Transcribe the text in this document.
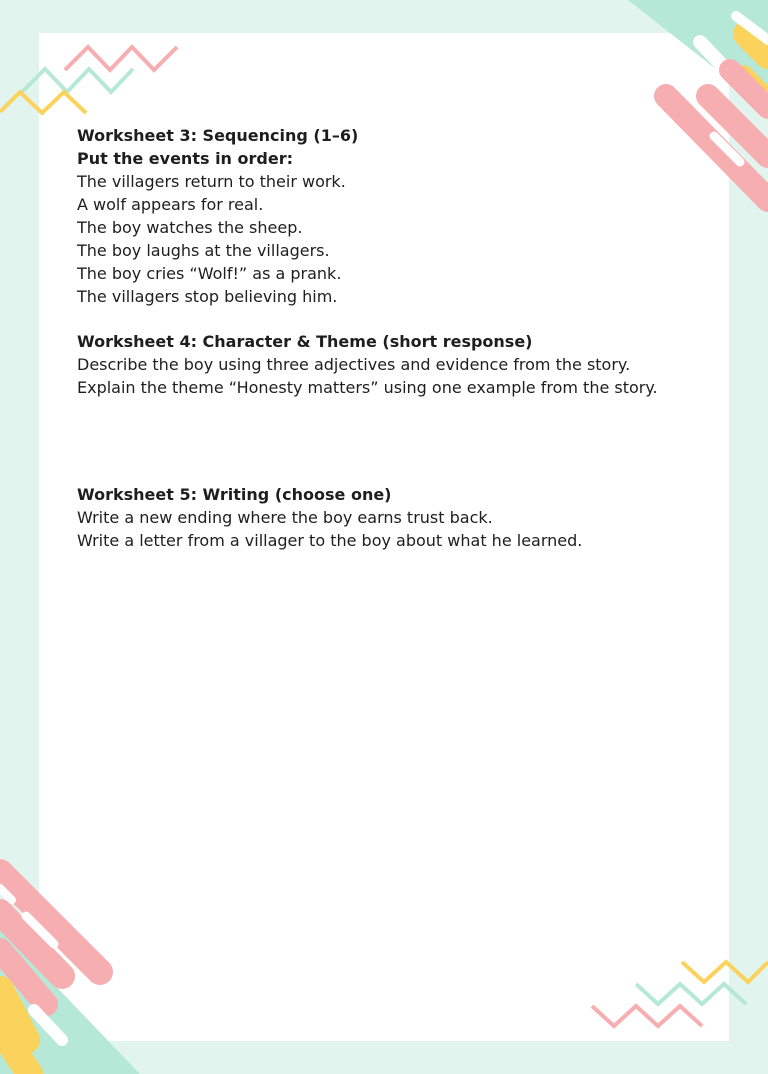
Worksheet 3: Sequencing (1–6)

Put the events in order:

The villagers return to their work.

A wolf appears for real.

The boy watches the sheep.

The boy laughs at the villagers.

The boy cries “Wolf!” as a prank.

The villagers stop believing him.

Worksheet 4: Character & Theme (short response)

Describe the boy using three adjectives and evidence from the story.

Explain the theme “Honesty matters” using one example from the story.

Worksheet 5: Writing (choose one)

Write a new ending where the boy earns trust back.

Write a letter from a villager to the boy about what he learned.
